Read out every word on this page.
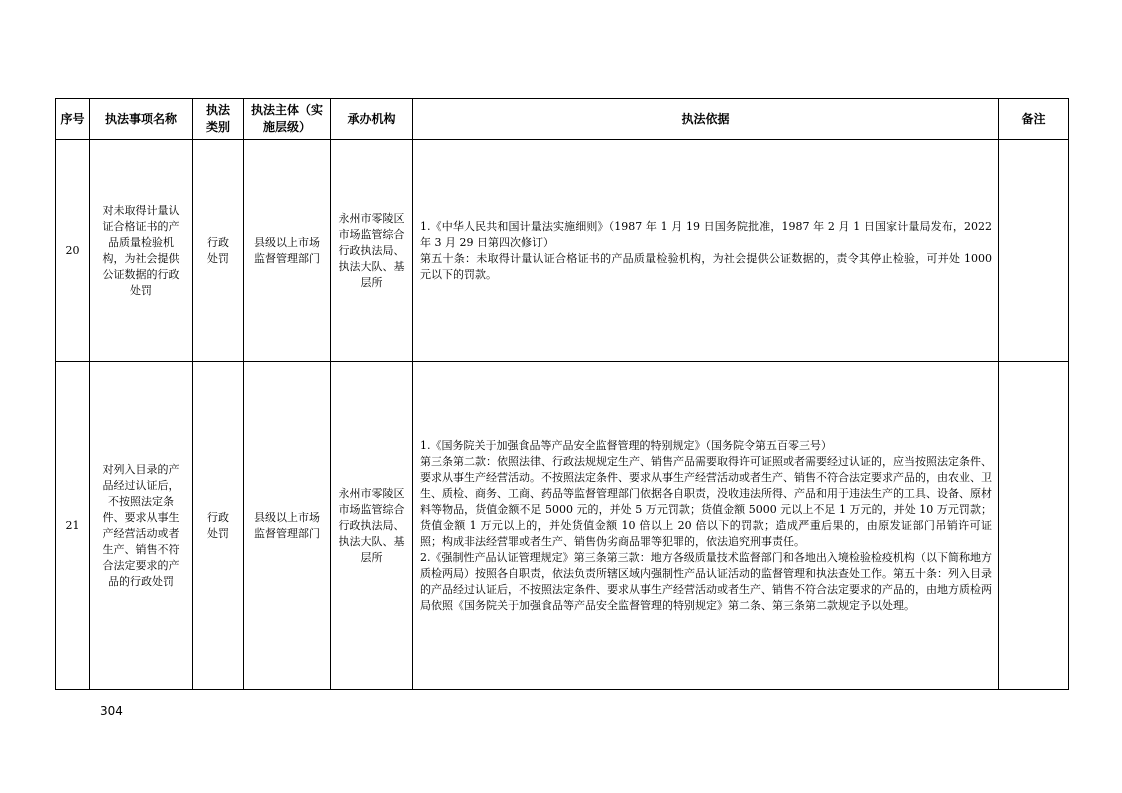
序号	执法事项名称	执法类别	执法主体（实施层级）	承办机构	执法依据	备注

20	对未取得计量认证合格证书的产品质量检验机构，为社会提供公证数据的行政处罚	行政处罚	县级以上市场监督管理部门	永州市零陵区市场监管综合行政执法局、执法大队、基层所	1.《中华人民共和国计量法实施细则》（1987 年 1 月 19 日国务院批准，1987 年 2 月 1 日国家计量局发布，2022 年 3 月 29 日第四次修订）

第五十条：未取得计量认证合格证书的产品质量检验机构，为社会提供公证数据的，责令其停止检验，可并处 1000 元以下的罚款。	

21	对列入目录的产品经过认证后，不按照法定条件、要求从事生产经营活动或者生产、销售不符合法定要求的产品的行政处罚	行政处罚	县级以上市场监督管理部门	永州市零陵区市场监管综合行政执法局、执法大队、基层所	1.《国务院关于加强食品等产品安全监督管理的特别规定》（国务院令第五百零三号）

第三条第二款：依照法律、行政法规规定生产、销售产品需要取得许可证照或者需要经过认证的，应当按照法定条件、要求从事生产经营活动。不按照法定条件、要求从事生产经营活动或者生产、销售不符合法定要求产品的，由农业、卫生、质检、商务、工商、药品等监督管理部门依据各自职责，没收违法所得、产品和用于违法生产的工具、设备、原材料等物品，货值金额不足 5000 元的，并处 5 万元罚款；货值金额 5000 元以上不足 1 万元的，并处 10 万元罚款；货值金额 1 万元以上的，并处货值金额 10 倍以上 20 倍以下的罚款；造成严重后果的，由原发证部门吊销许可证照；构成非法经营罪或者生产、销售伪劣商品罪等犯罪的，依法追究刑事责任。

2.《强制性产品认证管理规定》第三条第三款：地方各级质量技术监督部门和各地出入境检验检疫机构（以下简称地方质检两局）按照各自职责，依法负责所辖区域内强制性产品认证活动的监督管理和执法查处工作。第五十条：列入目录的产品经过认证后，不按照法定条件、要求从事生产经营活动或者生产、销售不符合法定要求的产品的，由地方质检两局依照《国务院关于加强食品等产品安全监督管理的特别规定》第二条、第三条第二款规定予以处理。	

304
